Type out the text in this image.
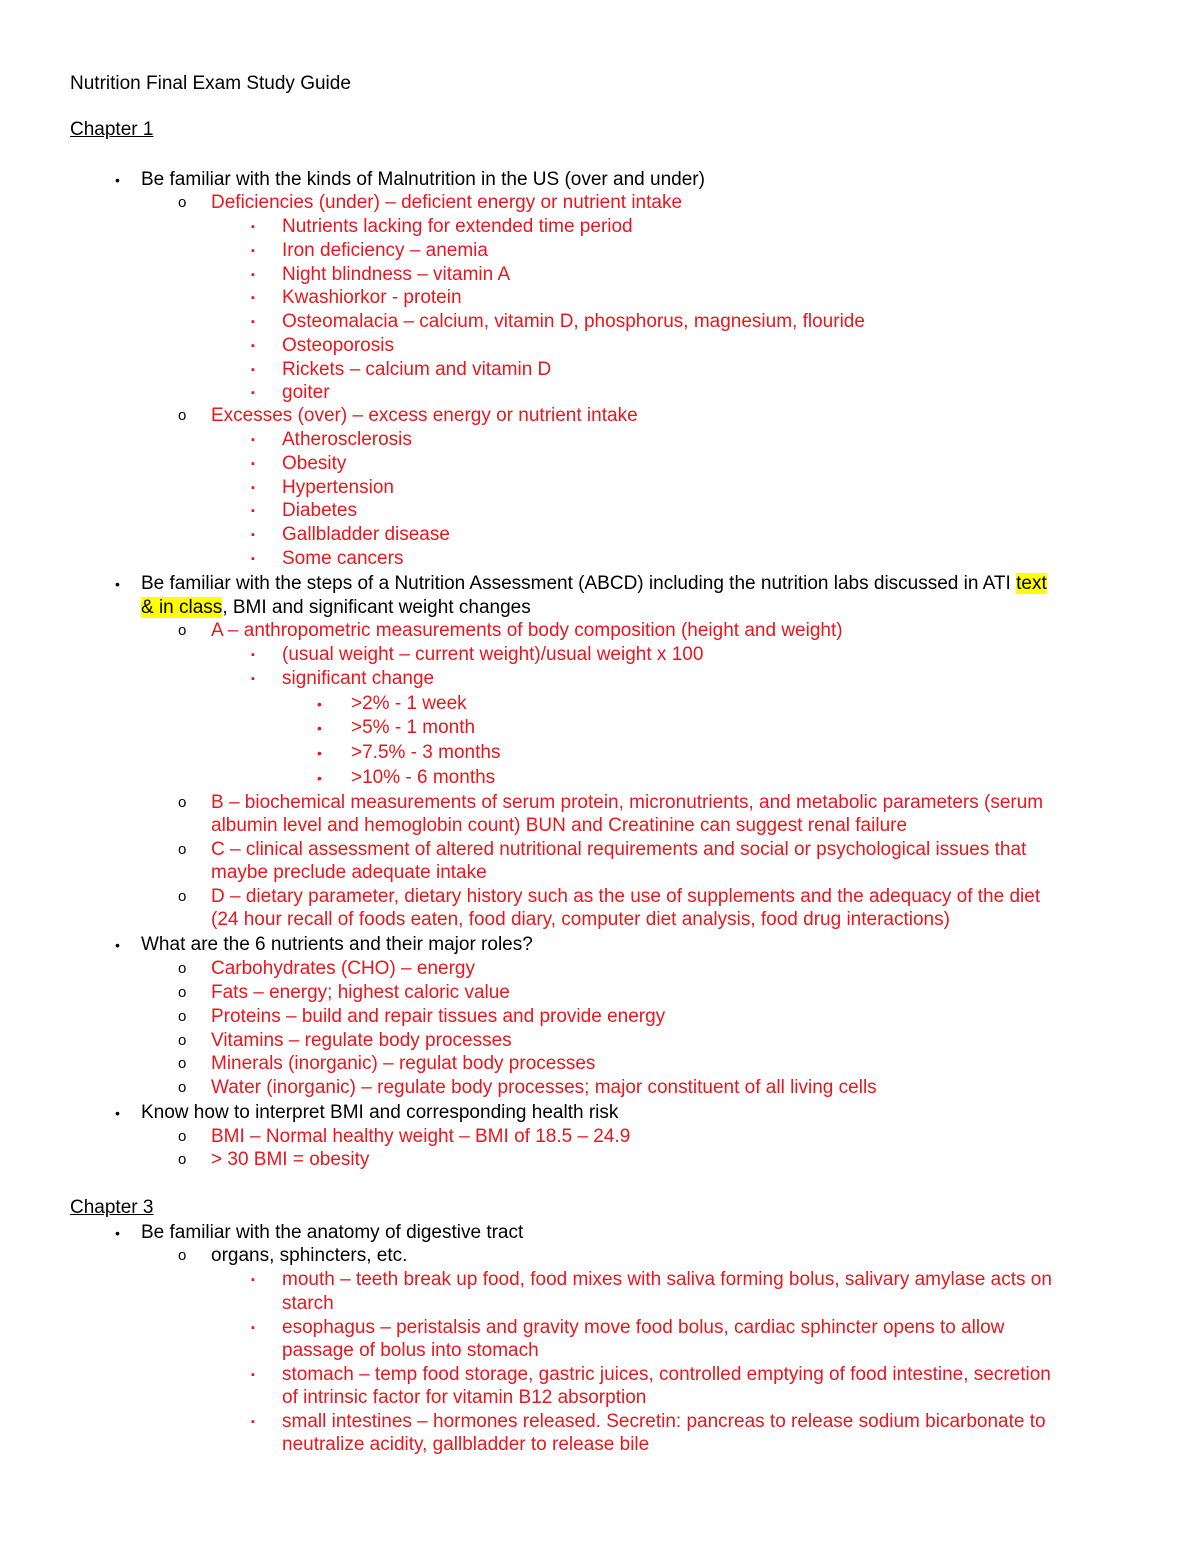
Nutrition Final Exam Study Guide
Chapter 1
• Be familiar with the kinds of Malnutrition in the US (over and under)
o Deficiencies (under) – deficient energy or nutrient intake
▪ Nutrients lacking for extended time period
▪ Iron deficiency – anemia
▪ Night blindness – vitamin A
▪ Kwashiorkor - protein
▪ Osteomalacia – calcium, vitamin D, phosphorus, magnesium, flouride
▪ Osteoporosis
▪ Rickets – calcium and vitamin D
▪ goiter
o Excesses (over) – excess energy or nutrient intake
▪ Atherosclerosis
▪ Obesity
▪ Hypertension
▪ Diabetes
▪ Gallbladder disease
▪ Some cancers
• Be familiar with the steps of a Nutrition Assessment (ABCD) including the nutrition labs discussed in ATI text
& in class, BMI and significant weight changes
o A – anthropometric measurements of body composition (height and weight)
▪ (usual weight – current weight)/usual weight x 100
▪ significant change
• >2% - 1 week
• >5% - 1 month
• >7.5% - 3 months
• >10% - 6 months
o B – biochemical measurements of serum protein, micronutrients, and metabolic parameters (serum
albumin level and hemoglobin count) BUN and Creatinine can suggest renal failure
o C – clinical assessment of altered nutritional requirements and social or psychological issues that
maybe preclude adequate intake
o D – dietary parameter, dietary history such as the use of supplements and the adequacy of the diet
(24 hour recall of foods eaten, food diary, computer diet analysis, food drug interactions)
• What are the 6 nutrients and their major roles?
o Carbohydrates (CHO) – energy
o Fats – energy; highest caloric value
o Proteins – build and repair tissues and provide energy
o Vitamins – regulate body processes
o Minerals (inorganic) – regulat body processes
o Water (inorganic) – regulate body processes; major constituent of all living cells
• Know how to interpret BMI and corresponding health risk
o BMI – Normal healthy weight – BMI of 18.5 – 24.9
o > 30 BMI = obesity
Chapter 3
• Be familiar with the anatomy of digestive tract
o organs, sphincters, etc.
▪ mouth – teeth break up food, food mixes with saliva forming bolus, salivary amylase acts on
starch
▪ esophagus – peristalsis and gravity move food bolus, cardiac sphincter opens to allow
passage of bolus into stomach
▪ stomach – temp food storage, gastric juices, controlled emptying of food intestine, secretion
of intrinsic factor for vitamin B12 absorption
▪ small intestines – hormones released. Secretin: pancreas to release sodium bicarbonate to
neutralize acidity, gallbladder to release bile
